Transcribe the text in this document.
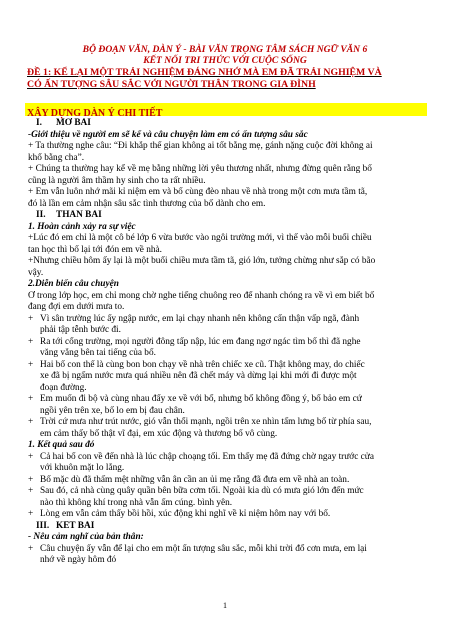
BỘ ĐOẠN VĂN, DÀN Ý - BÀI VĂN TRỌNG TÂM SÁCH NGỮ VĂN 6
KẾT NỐI TRI THỨC VỚI CUỘC SỐNG
ĐỀ 1: KỂ LẠI MỘT TRẢI NGHIỆM ĐÁNG NHỚ MÀ EM ĐÃ TRẢI NGHIỆM VÀ
CÓ ẤN TƯỢNG SÂU SẮC VỚI NGƯỜI THÂN TRONG GIA ĐÌNH
XÂY DỰNG DÀN Ý CHI TIẾT
I. MỞ BÀI
-Giới thiệu về người em sẽ kể và câu chuyện làm em có ấn tượng sâu sắc
+ Ta thường nghe câu: “Đi khắp thế gian không ai tốt bằng mẹ, gánh nặng cuộc đời không ai
khổ bằng cha”.
+ Chúng ta thường hay kể về mẹ bằng những lời yêu thương nhất, nhưng đừng quên rằng bố
cũng là người âm thầm hy sinh cho ta rất nhiều.
+ Em vẫn luôn nhớ mãi kỉ niệm em và bố cùng đèo nhau về nhà trong một cơn mưa tầm tã,
đó là lần em cảm nhận sâu sắc tình thương của bố dành cho em.
II. THÂN BÀI
1. Hoàn cảnh xảy ra sự việc
+Lúc đó em chỉ là một cô bé lớp 6 vừa bước vào ngôi trường mới, vì thế vào mỗi buổi chiều
tan học thì bố lại tới đón em về nhà.
+Nhưng chiều hôm ấy lại là một buổi chiều mưa tầm tã, gió lớn, tưởng chừng như sắp có bão
vậy.
2.Diễn biến câu chuyện
Ở trong lớp học, em chỉ mong chờ nghe tiếng chuông reo để nhanh chóng ra về vì em biết bố
đang đợi em dưới mưa to.
+ Vì sân trường lúc ấy ngập nước, em lại chạy nhanh nên không cẩn thận vấp ngã, đành
phải tập tễnh bước đi.
+ Ra tới cổng trường, mọi người đông tấp nập, lúc em đang ngơ ngác tìm bố thì đã nghe
văng vẳng bên tai tiếng của bố.
+ Hai bố con thế là cùng bon bon chạy về nhà trên chiếc xe cũ. Thật không may, do chiếc
xe đã bị ngấm nước mưa quá nhiều nên đã chết máy và dừng lại khi mới đi được một
đoạn đường.
+ Em muốn đi bộ và cùng nhau đẩy xe về với bố, nhưng bố không đồng ý, bố bảo em cứ
ngồi yên trên xe, bố lo em bị đau chân.
+ Trời cứ mưa như trút nước, gió vẫn thổi mạnh, ngồi trên xe nhìn tấm lưng bố từ phía sau,
em cảm thấy bố thật vĩ đại, em xúc động và thương bố vô cùng.
1. Kết quả sau đó
+ Cả hai bố con về đến nhà là lúc chập choạng tối. Em thấy mẹ đã đứng chờ ngay trước cửa
với khuôn mặt lo lắng.
+ Bố mặc dù đã thấm mệt những vẫn ân cần an ủi mẹ rằng đã đưa em về nhà an toàn.
+ Sau đó, cả nhà cùng quây quần bên bữa cơm tối. Ngoài kia dù có mưa gió lớn đến mức
nào thì không khí trong nhà vẫn ấm cúng. bình yên.
+ Lòng em vẫn cảm thấy bồi hồi, xúc động khi nghĩ về kỉ niệm hôm nay với bố.
III. KẾT BÀI
- Nêu cảm nghĩ của bản thân:
+ Câu chuyện ấy vẫn để lại cho em một ấn tượng sâu sắc, mỗi khi trời đổ cơn mưa, em lại
nhớ về ngày hôm đó
1
